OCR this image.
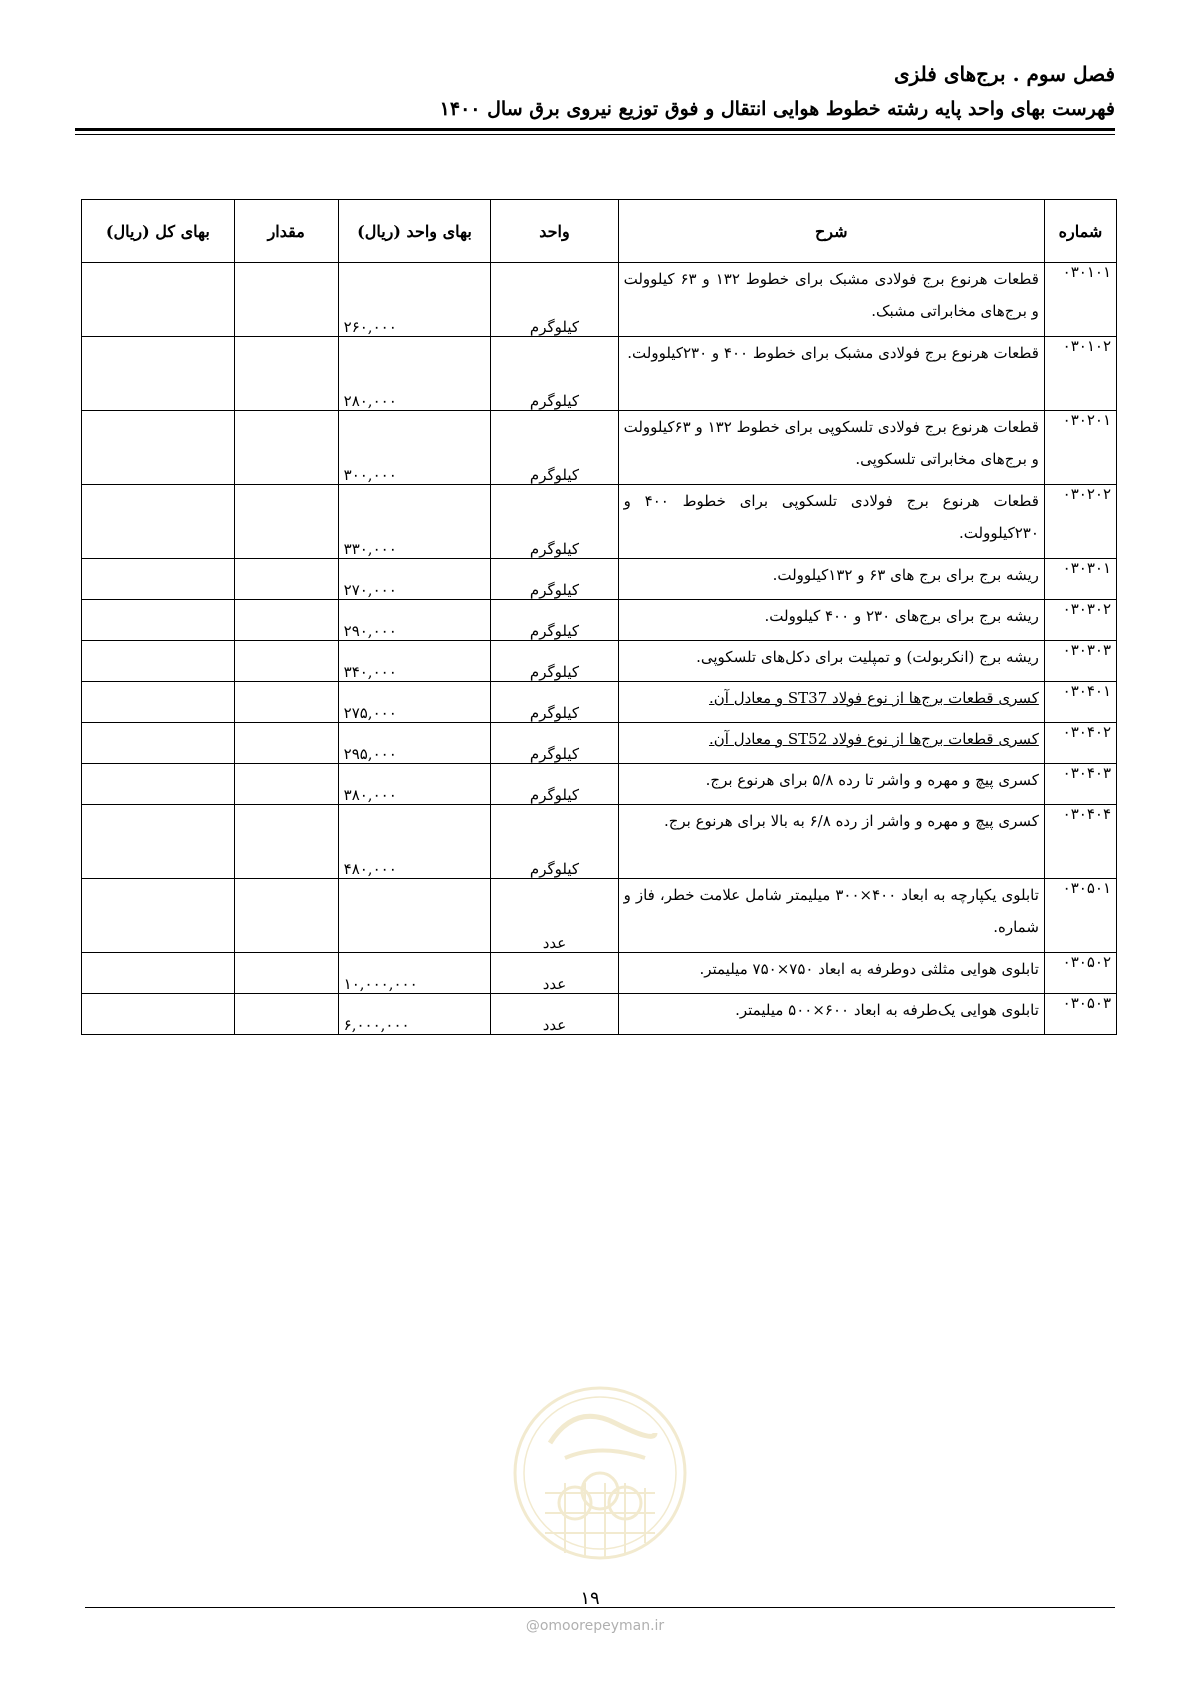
فصل سوم . برج‌های فلزی
فهرست بهای واحد پایه رشته خطوط هوایی انتقال و فوق توزیع نیروی برق سال ۱۴۰۰
شماره	شرح	واحد	بهای واحد (ریال)	مقدار	بهای کل (ریال)
۰۳۰۱۰۱	قطعات هرنوع برج فولادی مشبک برای خطوط ۱۳۲ و ۶۳ کیلوولت و برج‌های مخابراتی مشبک.	کیلوگرم	۲۶۰,۰۰۰		
۰۳۰۱۰۲	قطعات هرنوع برج فولادی مشبک برای خطوط ۴۰۰ و ۲۳۰کیلوولت.	کیلوگرم	۲۸۰,۰۰۰		
۰۳۰۲۰۱	قطعات هرنوع برج فولادی تلسکوپی برای خطوط ۱۳۲ و ۶۳کیلوولت و برج‌های مخابراتی تلسکوپی.	کیلوگرم	۳۰۰,۰۰۰		
۰۳۰۲۰۲	قطعات هرنوع برج فولادی تلسکوپی برای خطوط ۴۰۰ و ۲۳۰کیلوولت.	کیلوگرم	۳۳۰,۰۰۰		
۰۳۰۳۰۱	ریشه برج برای برج های ۶۳ و ۱۳۲کیلوولت.	کیلوگرم	۲۷۰,۰۰۰		
۰۳۰۳۰۲	ریشه برج برای برج‌های ۲۳۰ و ۴۰۰ کیلوولت.	کیلوگرم	۲۹۰,۰۰۰		
۰۳۰۳۰۳	ریشه برج (انکربولت) و تمپلیت برای دکل‌های تلسکوپی.	کیلوگرم	۳۴۰,۰۰۰		
۰۳۰۴۰۱	کسری قطعات برج‌ها از نوع فولاد ST37 و معادل آن.	کیلوگرم	۲۷۵,۰۰۰		
۰۳۰۴۰۲	کسری قطعات برج‌ها از نوع فولاد ST52 و معادل آن.	کیلوگرم	۲۹۵,۰۰۰		
۰۳۰۴۰۳	کسری پیچ و مهره و واشر تا رده ۵/۸ برای هرنوع برج.	کیلوگرم	۳۸۰,۰۰۰		
۰۳۰۴۰۴	کسری پیچ و مهره و واشر از رده ۶/۸ به بالا برای هرنوع برج.	کیلوگرم	۴۸۰,۰۰۰		
۰۳۰۵۰۱	تابلوی یکپارچه به ابعاد ۴۰۰×۳۰۰ میلیمتر شامل علامت خطر، فاز و شماره.	عدد			
۰۳۰۵۰۲	تابلوی هوایی مثلثی دوطرفه به ابعاد ۷۵۰×۷۵۰ میلیمتر.	عدد	۱۰,۰۰۰,۰۰۰		
۰۳۰۵۰۳	تابلوی هوایی یک‌طرفه به ابعاد ۶۰۰×۵۰۰ میلیمتر.	عدد	۶,۰۰۰,۰۰۰		
۱۹
@omoorepeyman.ir
